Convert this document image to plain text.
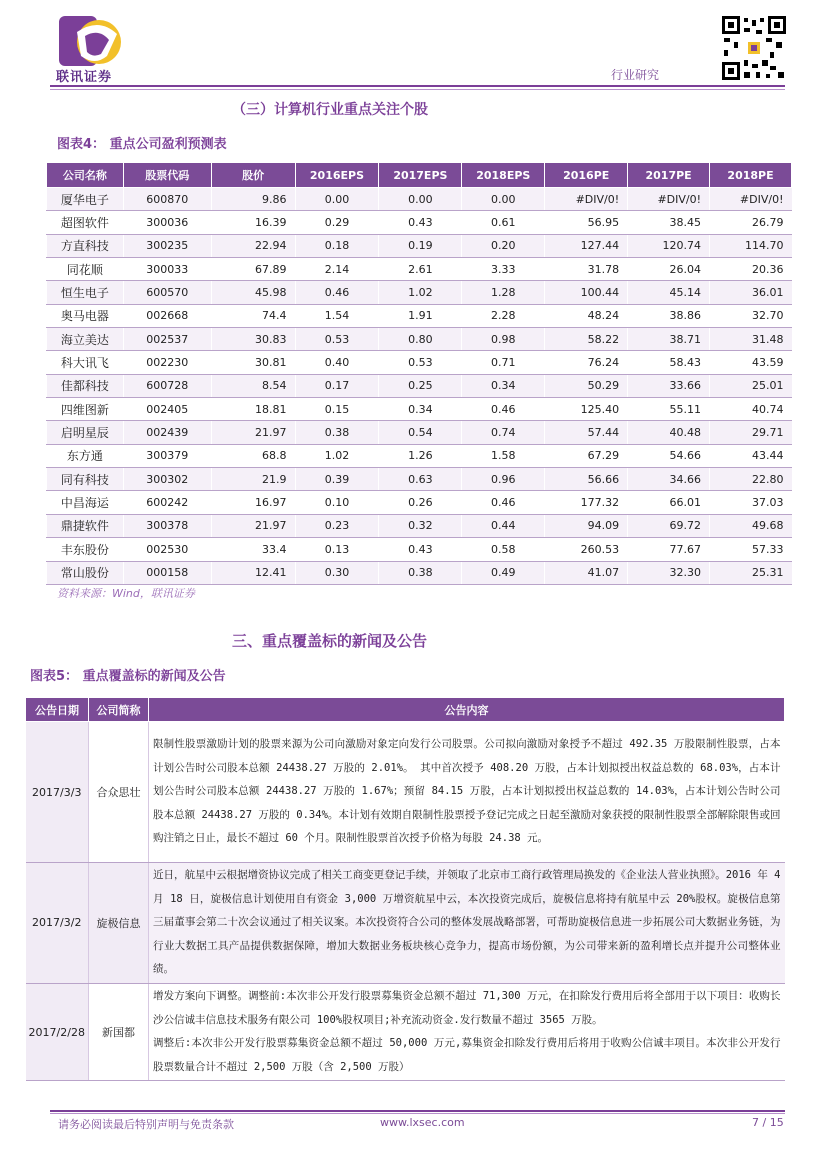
联讯证券	行业研究
（三）计算机行业重点关注个股
图表4： 重点公司盈利预测表
公司名称	股票代码	股价	2016EPS	2017EPS	2018EPS	2016PE	2017PE	2018PE
厦华电子	600870	9.86	0.00	0.00	0.00	#DIV/0!	#DIV/0!	#DIV/0!
超图软件	300036	16.39	0.29	0.43	0.61	56.95	38.45	26.79
方直科技	300235	22.94	0.18	0.19	0.20	127.44	120.74	114.70
同花顺	300033	67.89	2.14	2.61	3.33	31.78	26.04	20.36
恒生电子	600570	45.98	0.46	1.02	1.28	100.44	45.14	36.01
奥马电器	002668	74.4	1.54	1.91	2.28	48.24	38.86	32.70
海立美达	002537	30.83	0.53	0.80	0.98	58.22	38.71	31.48
科大讯飞	002230	30.81	0.40	0.53	0.71	76.24	58.43	43.59
佳都科技	600728	8.54	0.17	0.25	0.34	50.29	33.66	25.01
四维图新	002405	18.81	0.15	0.34	0.46	125.40	55.11	40.74
启明星辰	002439	21.97	0.38	0.54	0.74	57.44	40.48	29.71
东方通	300379	68.8	1.02	1.26	1.58	67.29	54.66	43.44
同有科技	300302	21.9	0.39	0.63	0.96	56.66	34.66	22.80
中昌海运	600242	16.97	0.10	0.26	0.46	177.32	66.01	37.03
鼎捷软件	300378	21.97	0.23	0.32	0.44	94.09	69.72	49.68
丰东股份	002530	33.4	0.13	0.43	0.58	260.53	77.67	57.33
常山股份	000158	12.41	0.30	0.38	0.49	41.07	32.30	25.31
资料来源：Wind，联讯证券
三、重点覆盖标的新闻及公告
图表5： 重点覆盖标的新闻及公告
公告日期	公司简称	公告内容
2017/3/3	合众思壮	限制性股票激励计划的股票来源为公司向激励对象定向发行公司股票。公司拟向激励对象授予不超过 492.35 万股限制性股票，占本计划公告时公司股本总额 24438.27 万股的 2.01%。 其中首次授予 408.20 万股，占本计划拟授出权益总数的 68.03%，占本计划公告时公司股本总额 24438.27 万股的 1.67%；预留 84.15 万股，占本计划拟授出权益总数的 14.03%，占本计划公告时公司股本总额 24438.27 万股的 0.34%。本计划有效期自限制性股票授予登记完成之日起至激励对象获授的限制性股票全部解除限售或回购注销之日止，最长不超过 60 个月。限制性股票首次授予价格为每股 24.38 元。
2017/3/2	旋极信息	近日，航星中云根据增资协议完成了相关工商变更登记手续，并领取了北京市工商行政管理局换发的《企业法人营业执照》。2016 年 4 月 18 日，旋极信息计划使用自有资金 3,000 万增资航星中云，本次投资完成后，旋极信息将持有航星中云 20%股权。旋极信息第三届董事会第二十次会议通过了相关议案。本次投资符合公司的整体发展战略部署，可帮助旋极信息进一步拓展公司大数据业务链，为行业大数据工具产品提供数据保障，增加大数据业务板块核心竞争力，提高市场份额，为公司带来新的盈利增长点并提升公司整体业绩。
2017/2/28	新国都	增发方案向下调整。调整前:本次非公开发行股票募集资金总额不超过 71,300 万元，在扣除发行费用后将全部用于以下项目：收购长沙公信诚丰信息技术服务有限公司 100%股权项目;补充流动资金.发行数量不超过 3565 万股。
调整后:本次非公开发行股票募集资金总额不超过 50,000 万元,募集资金扣除发行费用后将用于收购公信诚丰项目。本次非公开发行股票数量合计不超过 2,500 万股（含 2,500 万股）
请务必阅读最后特别声明与免责条款	www.lxsec.com	7 / 15
